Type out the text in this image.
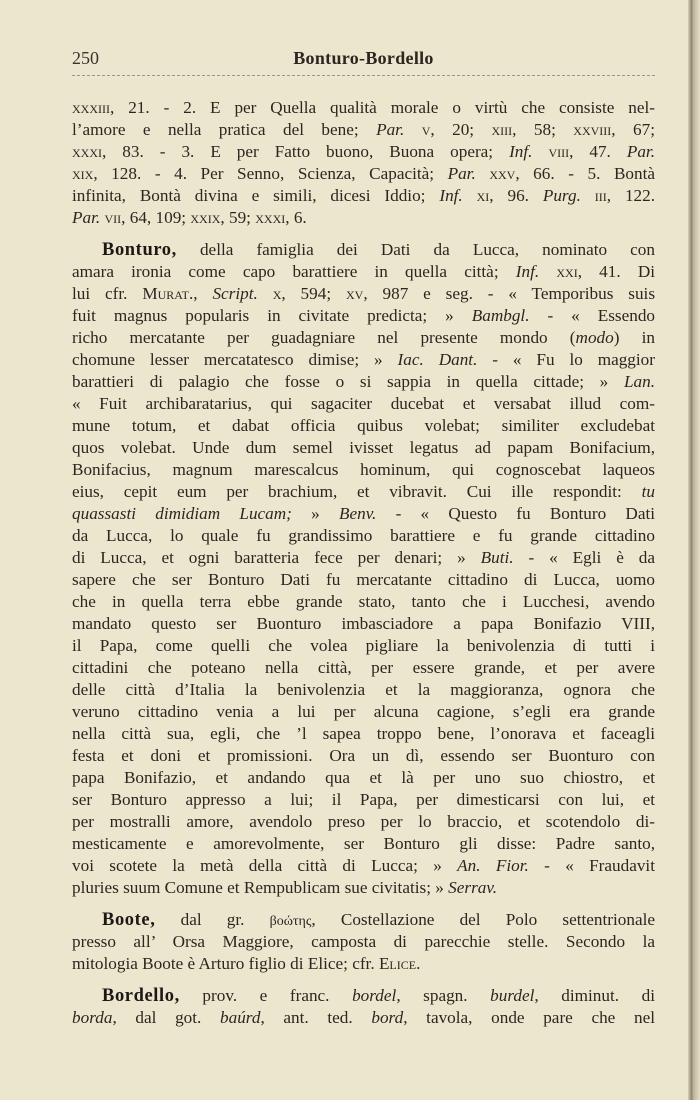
250	Bonturo-Bordello
xxxiii, 21. - 2. E per Quella qualità morale o virtù che consiste nel-
l’amore e nella pratica del bene; Par. v, 20; xiii, 58; xxviii, 67;
xxxi, 83. - 3. E per Fatto buono, Buona opera; Inf. viii, 47. Par.
xix, 128. - 4. Per Senno, Scienza, Capacità; Par. xxv, 66. - 5. Bontà
infinita, Bontà divina e simili, dicesi Iddio; Inf. xi, 96. Purg. iii, 122.
Par. vii, 64, 109; xxix, 59; xxxi, 6.
Bonturo, della famiglia dei Dati da Lucca, nominato con
amara ironia come capo barattiere in quella città; Inf. xxi, 41. Di
lui cfr. Murat., Script. x, 594; xv, 987 e seg. - « Temporibus suis
fuit magnus popularis in civitate predicta; » Bambgl. - « Essendo
richo mercatante per guadagniare nel presente mondo (modo) in
chomune lesser mercatatesco dimise; » Iac. Dant. - « Fu lo maggior
barattieri di palagio che fosse o si sappia in quella cittade; » Lan.
« Fuit archibaratarius, qui sagaciter ducebat et versabat illud com-
mune totum, et dabat officia quibus volebat; similiter excludebat
quos volebat. Unde dum semel ivisset legatus ad papam Bonifacium,
Bonifacius, magnum marescalcus hominum, qui cognoscebat laqueos
eius, cepit eum per brachium, et vibravit. Cui ille respondit: tu
quassasti dimidiam Lucam; » Benv. - « Questo fu Bonturo Dati
da Lucca, lo quale fu grandissimo barattiere e fu grande cittadino
di Lucca, et ogni baratteria fece per denari; » Buti. - « Egli è da
sapere che ser Bonturo Dati fu mercatante cittadino di Lucca, uomo
che in quella terra ebbe grande stato, tanto che i Lucchesi, avendo
mandato questo ser Buonturo imbasciadore a papa Bonifazio VIII,
il Papa, come quelli che volea pigliare la benivolenzia di tutti i
cittadini che poteano nella città, per essere grande, et per avere
delle città d’Italia la benivolenzia et la maggioranza, ognora che
veruno cittadino venia a lui per alcuna cagione, s’egli era grande
nella città sua, egli, che ’l sapea troppo bene, l’onorava et faceagli
festa et doni et promissioni. Ora un dì, essendo ser Buonturo con
papa Bonifazio, et andando qua et là per uno suo chiostro, et
ser Bonturo appresso a lui; il Papa, per dimesticarsi con lui, et
per mostralli amore, avendolo preso per lo braccio, et scotendolo di-
mesticamente e amorevolmente, ser Bonturo gli disse: Padre santo,
voi scotete la metà della città di Lucca; » An. Fior. - « Fraudavit
pluries suum Comune et Rempublicam sue civitatis; » Serrav.
Boote, dal gr. βοώτης, Costellazione del Polo settentrionale
presso all’ Orsa Maggiore, camposta di parecchie stelle. Secondo la
mitologia Boote è Arturo figlio di Elice; cfr. Elice.
Bordello, prov. e franc. bordel, spagn. burdel, diminut. di
borda, dal got. baúrd, ant. ted. bord, tavola, onde pare che nel
